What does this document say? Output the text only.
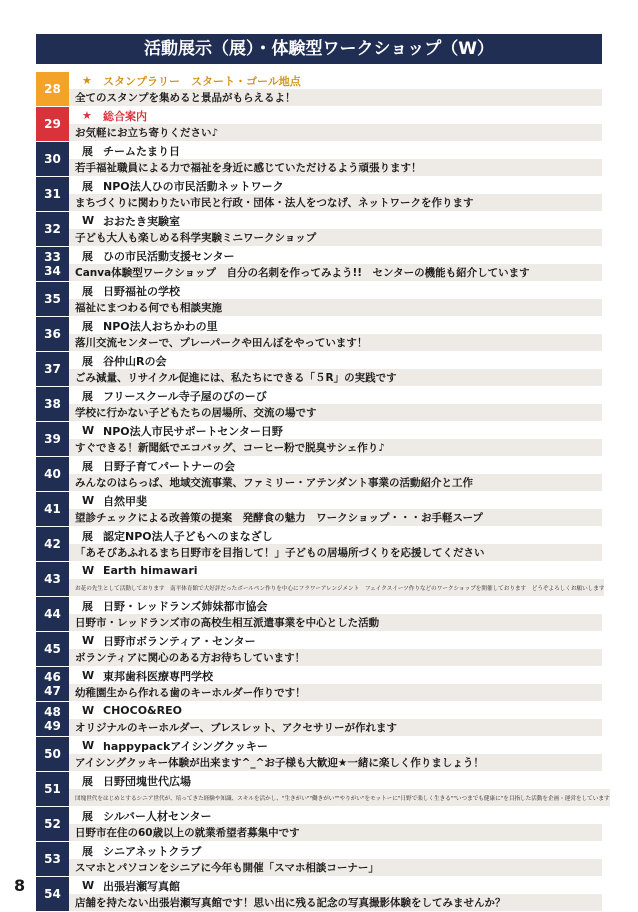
活動展示（展）・体験型ワークショップ（W）
28
★	スタンプラリー　スタート・ゴール地点
全てのスタンプを集めると景品がもらえるよ！
29
★	総合案内
お気軽にお立ち寄りください♪
30
展 チームたまり日
若手福祉職員による力で福祉を身近に感じていただけるよう頑張ります！
31
展 NPO法人ひの市民活動ネットワーク
まちづくりに関わりたい市民と行政・団体・法人をつなげ、ネットワークを作ります
32
W おおたき実験室
子ども大人も楽しめる科学実験ミニワークショップ
33
34
展 ひの市民活動支援センター
Canva体験型ワークショップ　自分の名刺を作ってみよう!!　センターの機能も紹介しています
35
展 日野福祉の学校
福祉にまつわる何でも相談実施
36
展 NPO法人おちかわの里
落川交流センターで、プレーパークや田んぼをやっています！
37
展 谷仲山Rの会
ごみ減量、リサイクル促進には、私たちにできる「５R」の実践です
38
展 フリースクール寺子屋のびのーび
学校に行かない子どもたちの居場所、交流の場です
39
W NPO法人市民サポートセンター日野
すぐできる！新聞紙でエコバッグ、コーヒー粉で脱臭サシェ作り♪
40
展 日野子育てパートナーの会
みんなのはらっぱ、地域交流事業、ファミリー・アテンダント事業の活動紹介と工作
41
W 自然甲斐
望診チェックによる改善策の提案　発酵食の魅力　ワークショップ・・・お手軽スープ
42
展 認定NPO法人子どもへのまなざし
「あそびあふれるまち日野市を目指して！」子どもの居場所づくりを応援してください
43
W Earth himawari
お花の先生として活動しております　南平体育館で大好評だったボールペン作りを中心にフラワーアレンジメント　フェイクスイーツ作りなどのワークショップを開催しております　どうぞよろしくお願いします
44
展 日野・レッドランズ姉妹都市協会
日野市・レッドランズ市の高校生相互派遣事業を中心とした活動
45
W 日野市ボランティア・センター
ボランティアに関心のある方お待ちしています！
46
47
W 東邦歯科医療専門学校
幼稚園生から作れる歯のキーホルダー作りです！
48
49
W CHOCO&REO
オリジナルのキーホルダー、ブレスレット、アクセサリーが作れます
50
W happypackアイシングクッキー
アイシングクッキー体験が出来ます^_^お子様も大歓迎★一緒に楽しく作りましょう！
51
展 日野団塊世代広場
団塊世代をはじめとするシニア世代が、培ってきた経験や知識、スキルを活かし、"生きがい""働きがい""やりがい"をモットーに"日野で楽しく生きる""いつまでも健康に"を目指した活動を企画・運営をしています
52
展 シルバー人材センター
日野市在住の60歳以上の就業希望者募集中です
53
展 シニアネットクラブ
スマホとパソコンをシニアに今年も開催「スマホ相談コーナー」
54
W 出張岩瀬写真館
店舗を持たない出張岩瀬写真館です！思い出に残る記念の写真撮影体験をしてみませんか？
8
